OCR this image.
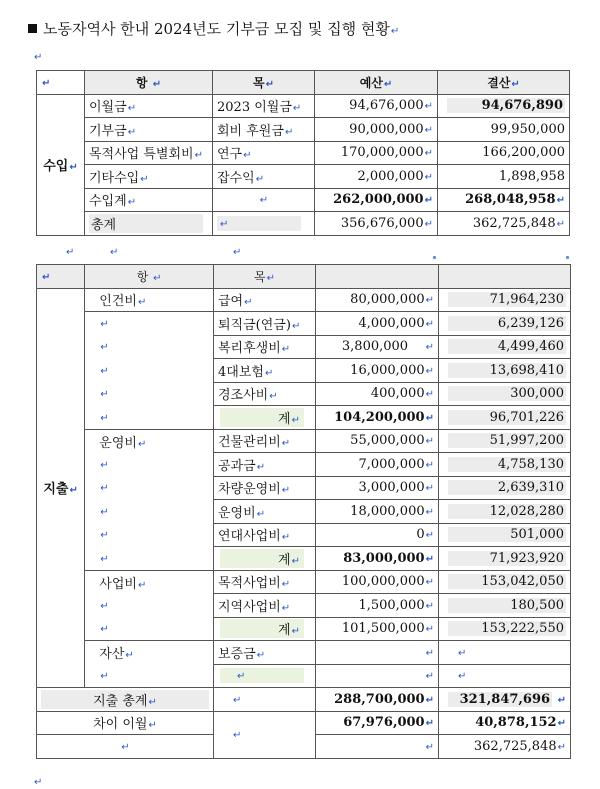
노동자역사 한내 2024년도 기부금 모집 및 집행 현황↵
↵
↵	항 ↵	목↵	예산↵	결산↵
수입↵	이월금↵	2023 이월금↵	94,676,000↵	94,676,890
	기부금↵	회비 후원금↵	90,000,000↵	99,950,000
	목적사업 특별회비↵	연구↵	170,000,000↵	166,200,000
	기타수입↵	잡수익↵	2,000,000↵	1,898,958
	수입계↵	↵	262,000,000↵	268,048,958↵
	총계	↵	356,676,000↵	362,725,848↵
↵	↵	↵
↵	항 ↵	목↵		
지출↵	인건비↵	급여↵	80,000,000↵	71,964,230
	↵	퇴직금(연금)↵	4,000,000↵	6,239,126
	↵	복리후생비↵	3,800,000 ↵	4,499,460
	↵	4대보험↵	16,000,000↵	13,698,410
	↵	경조사비↵	400,000↵	300,000
	↵	계↵	104,200,000↵	96,701,226
	운영비↵	건물관리비↵	55,000,000↵	51,997,200
	↵	공과금↵	7,000,000↵	4,758,130
	↵	차량운영비↵	3,000,000↵	2,639,310
	↵	운영비↵	18,000,000↵	12,028,280
	↵	연대사업비↵	0↵	501,000
	↵	계↵	83,000,000↵	71,923,920
	사업비↵	목적사업비↵	100,000,000↵	153,042,050
	↵	지역사업비↵	1,500,000↵	180,500
	↵	계↵	101,500,000↵	153,222,550
	자산↵	보증금↵	↵	↵
	↵	↵	↵	↵
지출 총계↵		↵	288,700,000↵	321,847,696 ↵
차이 이월↵		↵	67,976,000↵	40,878,152↵
↵			↵	362,725,848↵
↵
